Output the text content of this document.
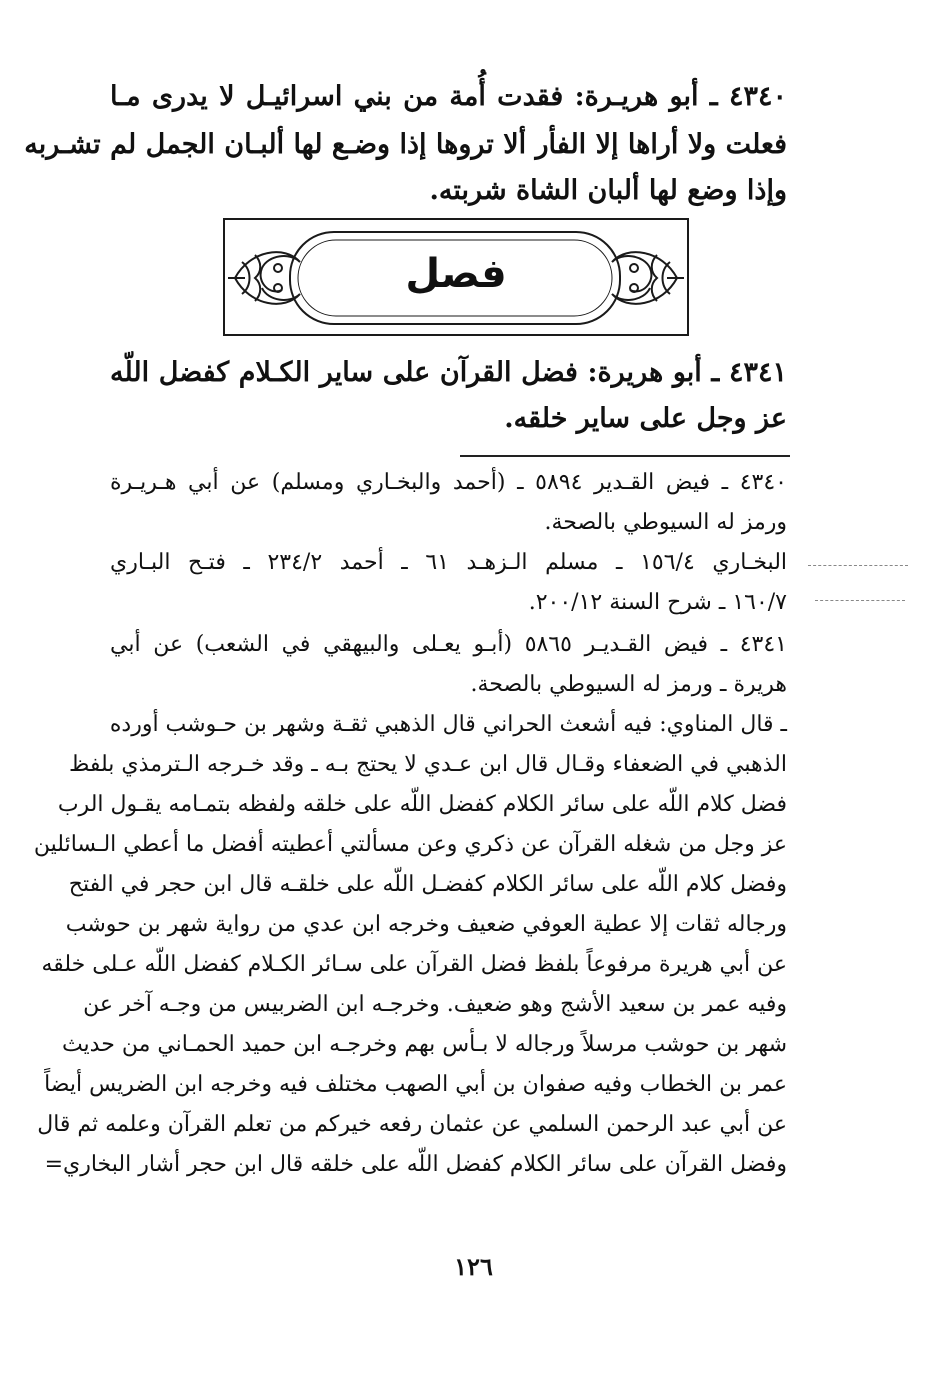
٤٣٤٠ ـ أبو هريـرة: فقدت أُمة من بني اسرائيـل لا يدرى مـا
فعلت ولا أراها إلا الفأر ألا تروها إذا وضـع لها ألبـان الجمل لم تشـربه
وإذا وضع لها ألبان الشاة شربته.
فصل
٤٣٤١ ـ أبو هريرة: فضل القرآن على ساير الكـلام كفضل اللّه
عز وجل على ساير خلقه.
٤٣٤٠ ـ فيض القـدير ٥٨٩٤ ـ (أحمد والبخـاري ومسلم) عن أبي هـريـرة
ورمز له السيوطي بالصحة.
البخـاري ١٥٦/٤ ـ مسلم الـزهـد ٦١ ـ أحمد ٢٣٤/٢ ـ فتـح البـاري
١٦٠/٧ ـ شرح السنة ٢٠٠/١٢.
٤٣٤١ ـ فيض القـديـر ٥٨٦٥ (أبـو يعـلى والبيهقي في الشعب) عن أبي
هريرة ـ ورمز له السيوطي بالصحة.
ـ قال المناوي: فيه أشعث الحراني قال الذهبي ثقـة وشهر بن حـوشب أورده
الذهبي في الضعفاء وقـال قال ابن عـدي لا يحتج بـه ـ وقد خـرجه الـترمذي بلفظ
فضل كلام اللّه على سائر الكلام كفضل اللّه على خلقه ولفظه بتمـامه يقـول الرب
عز وجل من شغله القرآن عن ذكري وعن مسألتي أعطيته أفضل ما أعطي الـسائلين
وفضل كلام اللّه على سائر الكلام كفضـل اللّه على خلقـه قال ابن حجر في الفتح
ورجاله ثقات إلا عطية العوفي ضعيف وخرجه ابن عدي من رواية شهر بن حوشب
عن أبي هريرة مرفوعاً بلفظ فضل القرآن على سـائر الكـلام كفضل اللّه عـلى خلقه
وفيه عمر بن سعيد الأشج وهو ضعيف. وخرجـه ابن الضربيس من وجـه آخر عن
شهر بن حوشب مرسلاً ورجاله لا بـأس بهم وخرجـه ابن حميد الحمـاني من حديث
عمر بن الخطاب وفيه صفوان بن أبي الصهب مختلف فيه وخرجه ابن الضريس أيضاً
عن أبي عبد الرحمن السلمي عن عثمان رفعه خيركم من تعلم القرآن وعلمه ثم قال
وفضل القرآن على سائر الكلام كفضل اللّه على خلقه قال ابن حجر أشار البخاري=
١٢٦
